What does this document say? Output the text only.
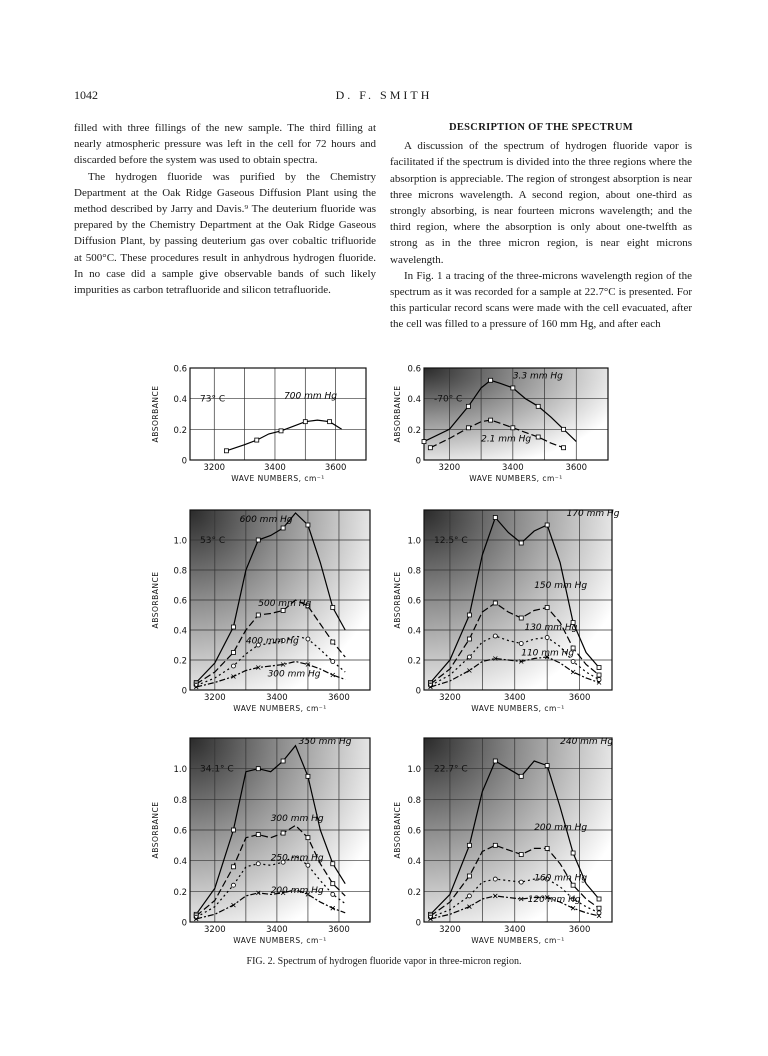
1042	D. F. SMITH

filled with three fillings of the new sample. The third filling at nearly atmospheric pressure was left in the cell for 72 hours and discarded before the system was used to obtain spectra.

The hydrogen fluoride was purified by the Chemistry Department at the Oak Ridge Gaseous Diffusion Plant using the method described by Jarry and Davis.⁹ The deuterium fluoride was prepared by the Chemistry Department at the Oak Ridge Gaseous Diffusion Plant, by passing deuterium gas over cobaltic trifluoride at 500°C. These procedures result in anhydrous hydrogen fluoride. In no case did a sample give observable bands of such likely impurities as carbon tetrafluoride and silicon tetrafluoride.

DESCRIPTION OF THE SPECTRUM

A discussion of the spectrum of hydrogen fluoride vapor is facilitated if the spectrum is divided into the three regions where the absorption is appreciable. The region of strongest absorption is near three microns wavelength. A second region, about one-third as strongly absorbing, is near fourteen microns wavelength; and the third region, where the absorption is only about one-twelfth as strong as in the three micron region, is near eight microns wavelength.

In Fig. 1 a tracing of the three-microns wavelength region of the spectrum as it was recorded for a sample at 22.7°C is presented. For this particular record scans were made with the cell evacuated, after the cell was filled to a pressure of 160 mm Hg, and after each

0
0.2
0.4
0.6
3200	3400	3600
WAVE NUMBERS, cm⁻¹
ABSORBANCE	73° C	700 mm Hg
0
0.2
0.4
0.6
3200	3400	3600
WAVE NUMBERS, cm⁻¹
ABSORBANCE	-70° C
3.3 mm Hg
2.1 mm Hg
0
0.2
0.4
0.6
0.8
1.0
3200	3400	3600
WAVE NUMBERS, cm⁻¹
ABSORBANCE
53° C
600 mm Hg
500 mm Hg
400 mm Hg
300 mm Hg
0
0.2
0.4
0.6
0.8
1.0
3200	3400	3600
WAVE NUMBERS, cm⁻¹
ABSORBANCE
12.5° C
170 mm Hg
150 mm Hg
130 mm Hg
110 mm Hg
0
0.2
0.4
0.6
0.8
1.0
3200	3400	3600
WAVE NUMBERS, cm⁻¹
ABSORBANCE
34.1° C
350 mm Hg
300 mm Hg
250 mm Hg
200 mm Hg
0
0.2
0.4
0.6
0.8
1.0
3200	3400	3600
WAVE NUMBERS, cm⁻¹
ABSORBANCE
22.7° C
240 mm Hg
200 mm Hg
160 mm Hg
120 mm Hg
FIG. 2. Spectrum of hydrogen fluoride vapor in three-micron region.
